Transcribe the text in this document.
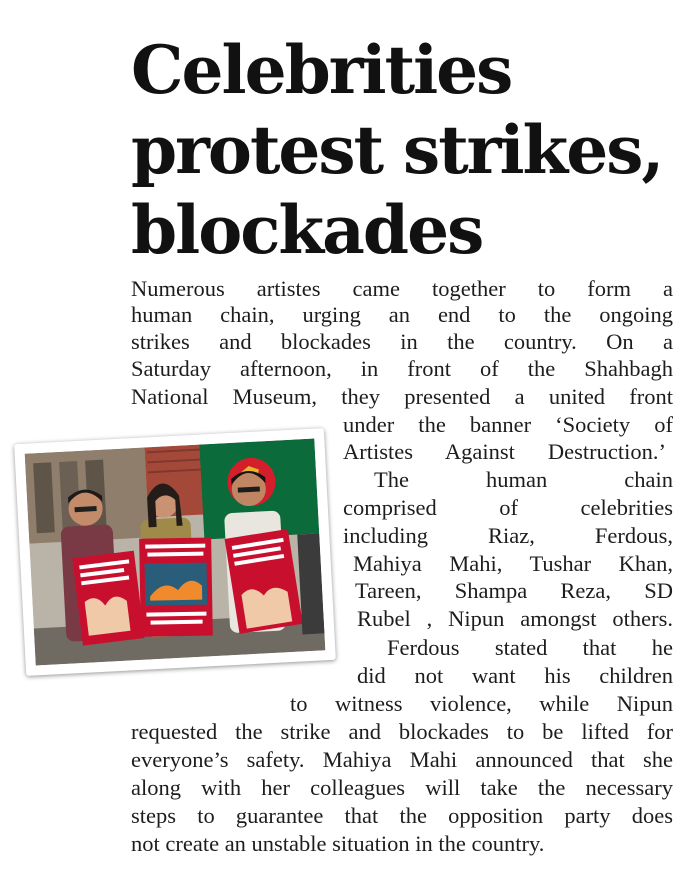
Celebrities
protest strikes,
blockades
Numerous artistes came together to form a
human chain, urging an end to the ongoing
strikes and blockades in the country. On a
Saturday afternoon, in front of the Shahbagh
National Museum, they presented a united front
under the banner ‘Society of
Artistes Against Destruction.’
The human chain
comprised of celebrities
including Riaz, Ferdous,
Mahiya Mahi, Tushar Khan,
Tareen, Shampa Reza, SD
Rubel , Nipun amongst others.
Ferdous stated that he
did not want his children
to witness violence, while Nipun
requested the strike and blockades to be lifted for
everyone’s safety. Mahiya Mahi announced that she
along with her colleagues will take the necessary
steps to guarantee that the opposition party does
not create an unstable situation in the country.
